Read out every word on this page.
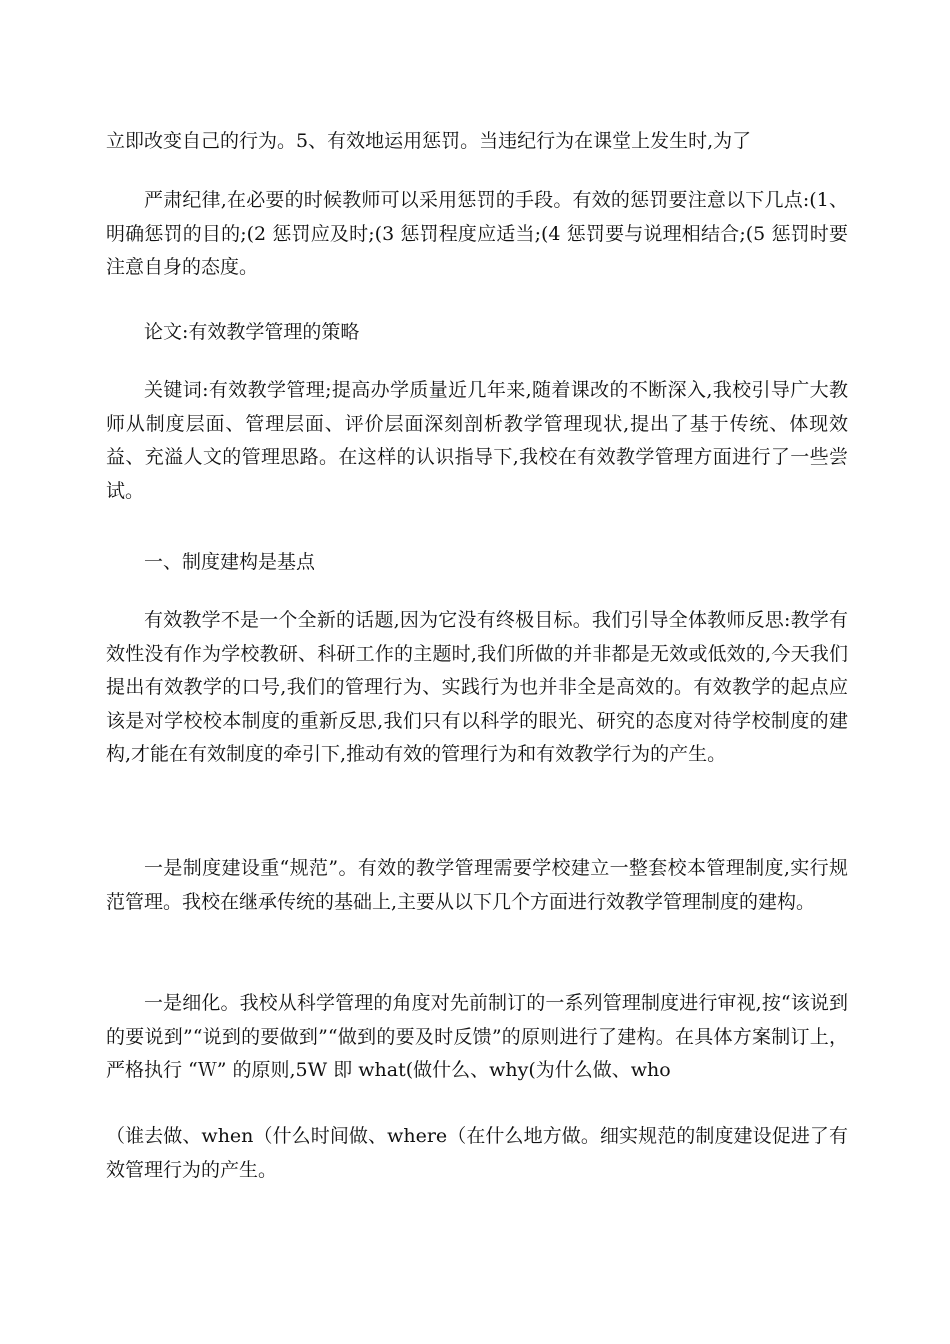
立即改变自己的行为。5、有效地运用惩罚。当违纪行为在课堂上发生时,为了

严肃纪律,在必要的时候教师可以采用惩罚的手段。有效的惩罚要注意以下几点:(1、明确惩罚的目的;(2 惩罚应及时;(3 惩罚程度应适当;(4 惩罚要与说理相结合;(5 惩罚时要注意自身的态度。

论文:有效教学管理的策略

关键词:有效教学管理;提高办学质量近几年来,随着课改的不断深入,我校引导广大教师从制度层面、管理层面、评价层面深刻剖析教学管理现状,提出了基于传统、体现效益、充溢人文的管理思路。在这样的认识指导下,我校在有效教学管理方面进行了一些尝试。

一、制度建构是基点

有效教学不是一个全新的话题,因为它没有终极目标。我们引导全体教师反思:教学有效性没有作为学校教研、科研工作的主题时,我们所做的并非都是无效或低效的,今天我们提出有效教学的口号,我们的管理行为、实践行为也并非全是高效的。有效教学的起点应该是对学校校本制度的重新反思,我们只有以科学的眼光、研究的态度对待学校制度的建构,才能在有效制度的牵引下,推动有效的管理行为和有效教学行为的产生。

一是制度建设重“规范”。有效的教学管理需要学校建立一整套校本管理制度,实行规范管理。我校在继承传统的基础上,主要从以下几个方面进行效教学管理制度的建构。

一是细化。我校从科学管理的角度对先前制订的一系列管理制度进行审视,按“该说到的要说到”“说到的要做到”“做到的要及时反馈”的原则进行了建构。在具体方案制订上，严格执行 “Ｗ” 的原则,5W 即 what(做什么、why(为什么做、who

（谁去做、when（什么时间做、where（在什么地方做。细实规范的制度建设促进了有效管理行为的产生。
